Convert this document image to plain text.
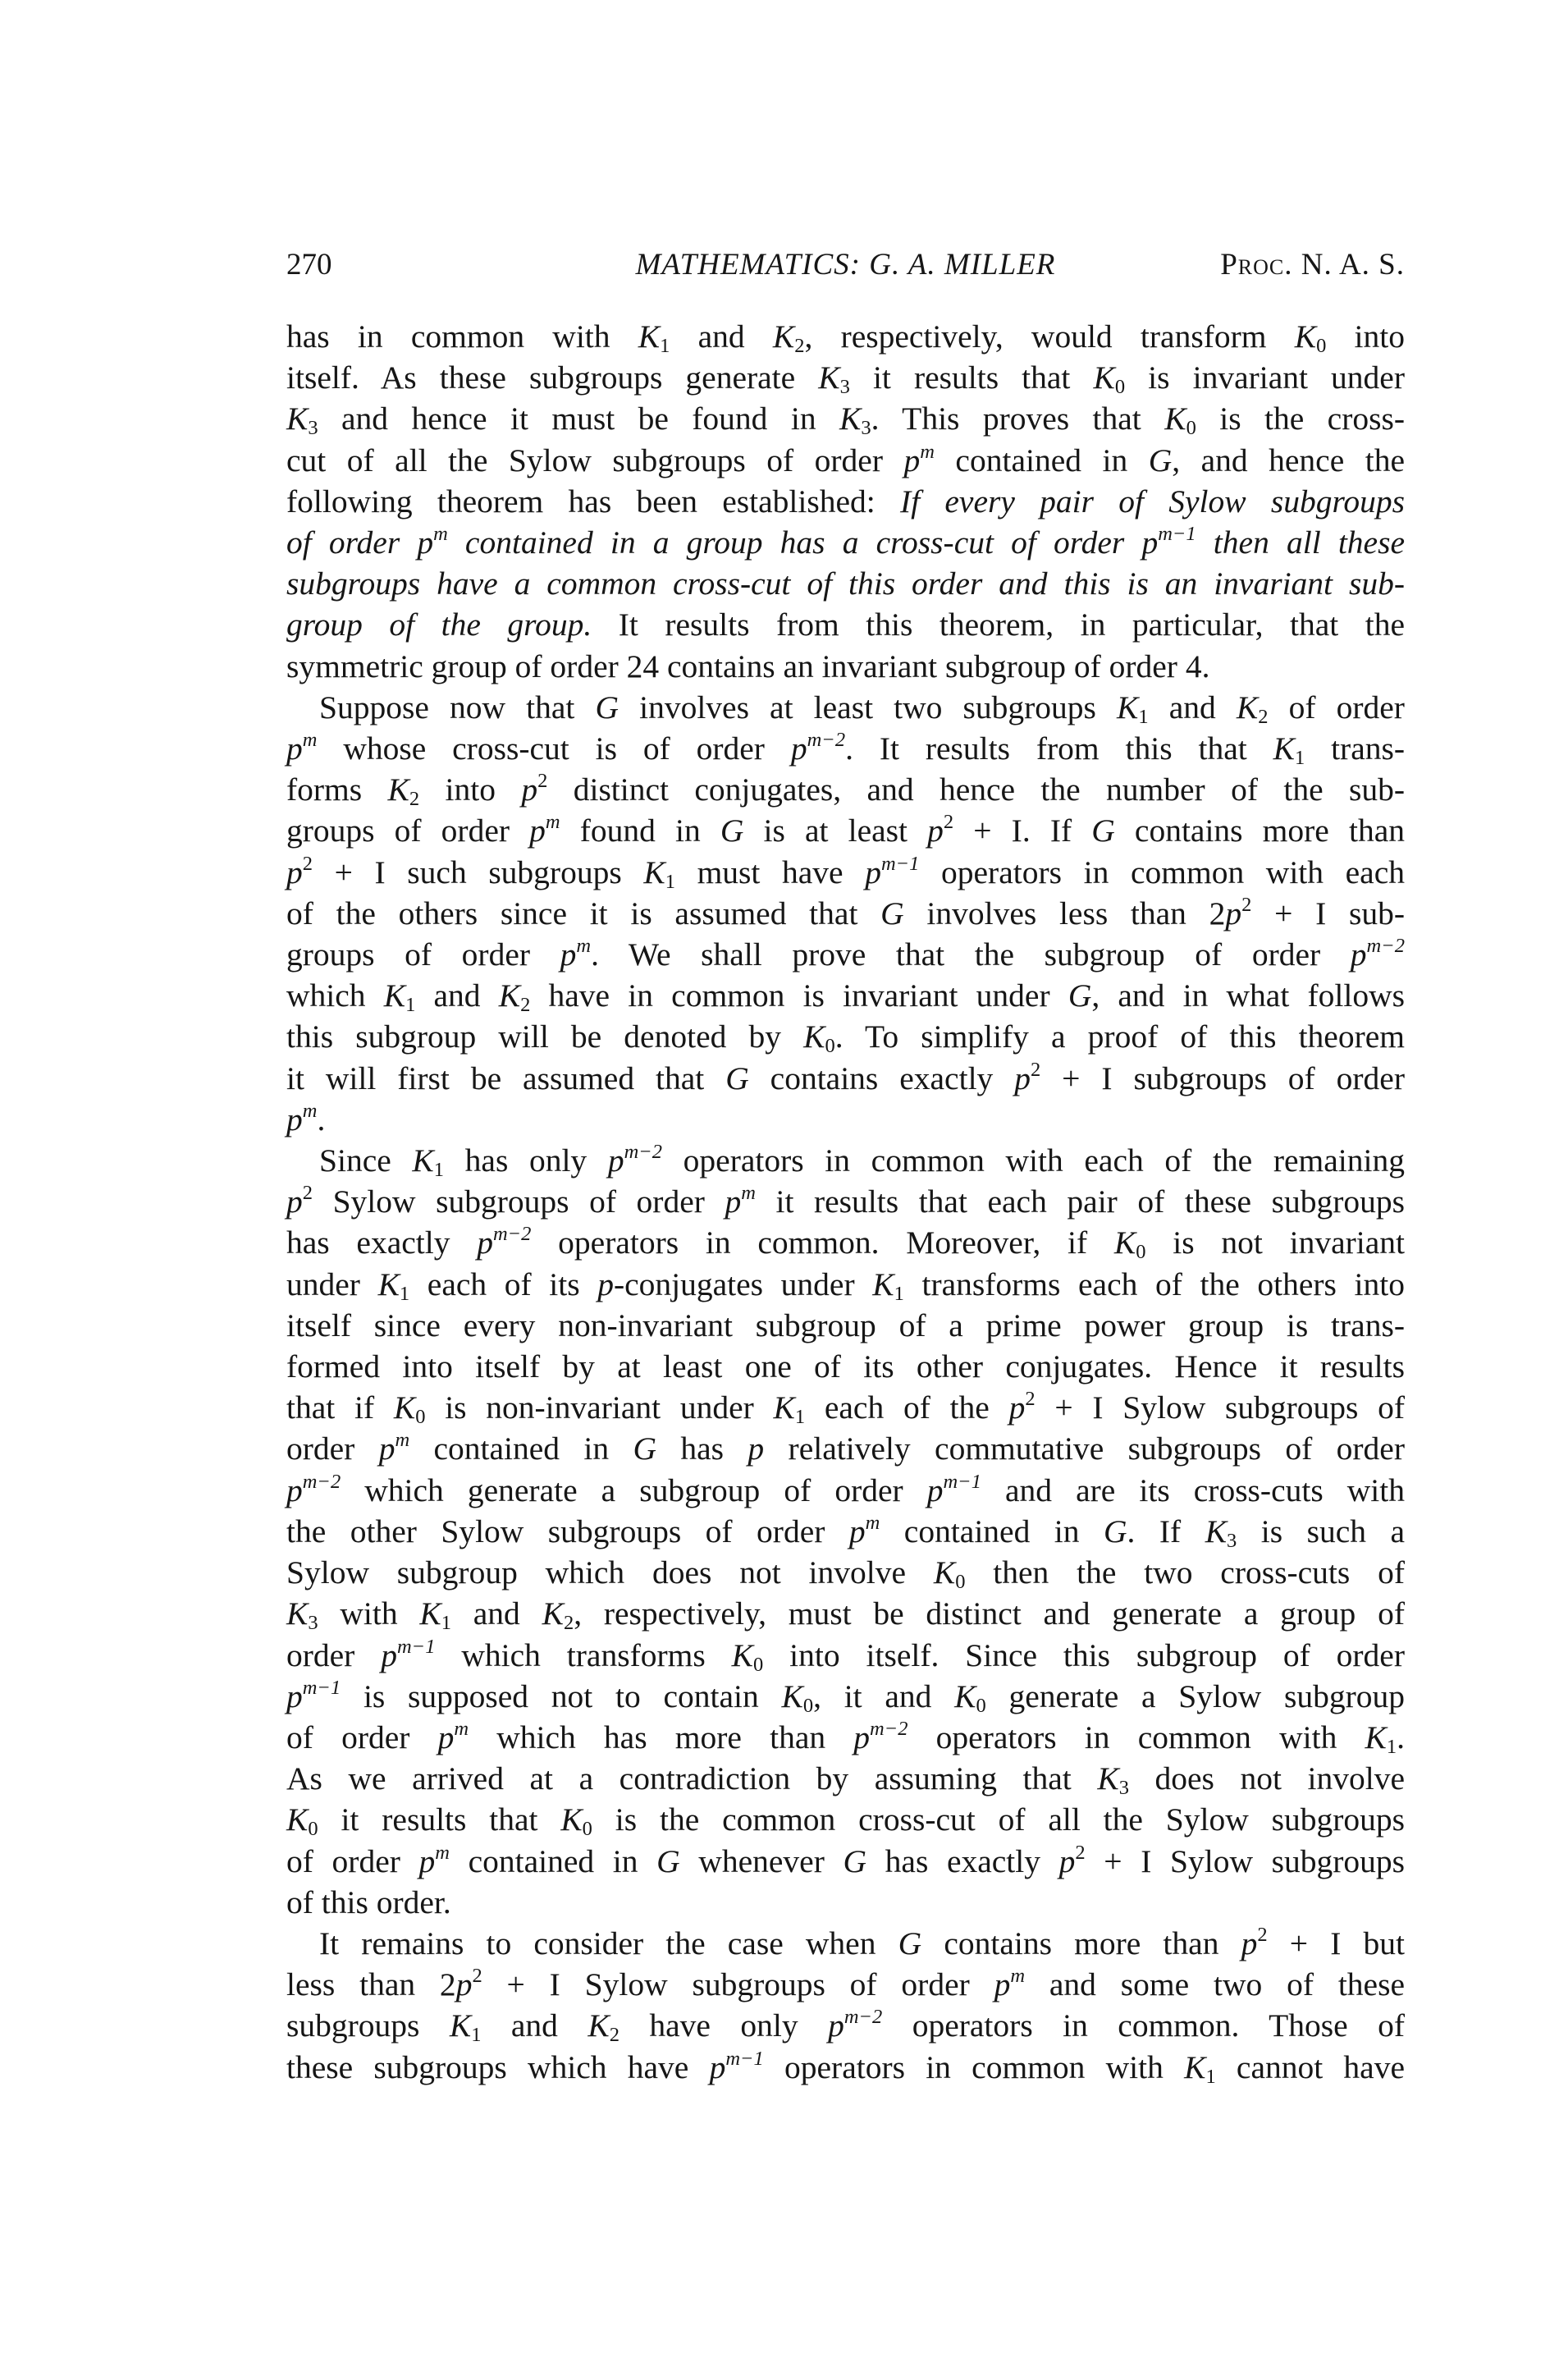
270	MATHEMATICS: G. A. MILLER	Proc. N. A. S.
has in common with $K_1$ and $K_2$, respectively, would transform $K_0$ into
itself. As these subgroups generate $K_3$ it results that $K_0$ is invariant under
$K_3$ and hence it must be found in $K_3$. This proves that $K_0$ is the cross-
cut of all the Sylow subgroups of order $p^m$ contained in G, and hence the
following theorem has been established: If every pair of Sylow subgroups
of order $p^m$ contained in a group has a cross-cut of order $p^{m-1}$ then all these
subgroups have a common cross-cut of this order and this is an invariant sub-
group of the group. It results from this theorem, in particular, that the
symmetric group of order 24 contains an invariant subgroup of order 4.
Suppose now that G involves at least two subgroups $K_1$ and $K_2$ of order
$p^m$ whose cross-cut is of order $p^{m-2}$. It results from this that $K_1$ trans-
forms $K_2$ into $p^2$ distinct conjugates, and hence the number of the sub-
groups of order $p^m$ found in G is at least $p^2 + I$. If G contains more than
$p^2 + I$ such subgroups $K_1$ must have $p^{m-1}$ operators in common with each
of the others since it is assumed that G involves less than $2p^2 + I$ sub-
groups of order $p^m$. We shall prove that the subgroup of order $p^{m-2}$
which $K_1$ and $K_2$ have in common is invariant under G, and in what follows
this subgroup will be denoted by $K_0$. To simplify a proof of this theorem
it will first be assumed that G contains exactly $p^2 + I$ subgroups of order
$p^m$.
Since $K_1$ has only $p^{m-2}$ operators in common with each of the remaining
$p^2$ Sylow subgroups of order $p^m$ it results that each pair of these subgroups
has exactly $p^{m-2}$ operators in common. Moreover, if $K_0$ is not invariant
under $K_1$ each of its p-conjugates under $K_1$ transforms each of the others into
itself since every non-invariant subgroup of a prime power group is trans-
formed into itself by at least one of its other conjugates. Hence it results
that if $K_0$ is non-invariant under $K_1$ each of the $p^2 + I$ Sylow subgroups of
order $p^m$ contained in G has p relatively commutative subgroups of order
$p^{m-2}$ which generate a subgroup of order $p^{m-1}$ and are its cross-cuts with
the other Sylow subgroups of order $p^m$ contained in G. If $K_3$ is such a
Sylow subgroup which does not involve $K_0$ then the two cross-cuts of
$K_3$ with $K_1$ and $K_2$, respectively, must be distinct and generate a group of
order $p^{m-1}$ which transforms $K_0$ into itself. Since this subgroup of order
$p^{m-1}$ is supposed not to contain $K_0$, it and $K_0$ generate a Sylow subgroup
of order $p^m$ which has more than $p^{m-2}$ operators in common with $K_1$.
As we arrived at a contradiction by assuming that $K_3$ does not involve
$K_0$ it results that $K_0$ is the common cross-cut of all the Sylow subgroups
of order $p^m$ contained in G whenever G has exactly $p^2 + I$ Sylow subgroups
of this order.
It remains to consider the case when G contains more than $p^2 + I$ but
less than $2p^2 + I$ Sylow subgroups of order $p^m$ and some two of these
subgroups $K_1$ and $K_2$ have only $p^{m-2}$ operators in common. Those of
these subgroups which have $p^{m-1}$ operators in common with $K_1$ cannot have
